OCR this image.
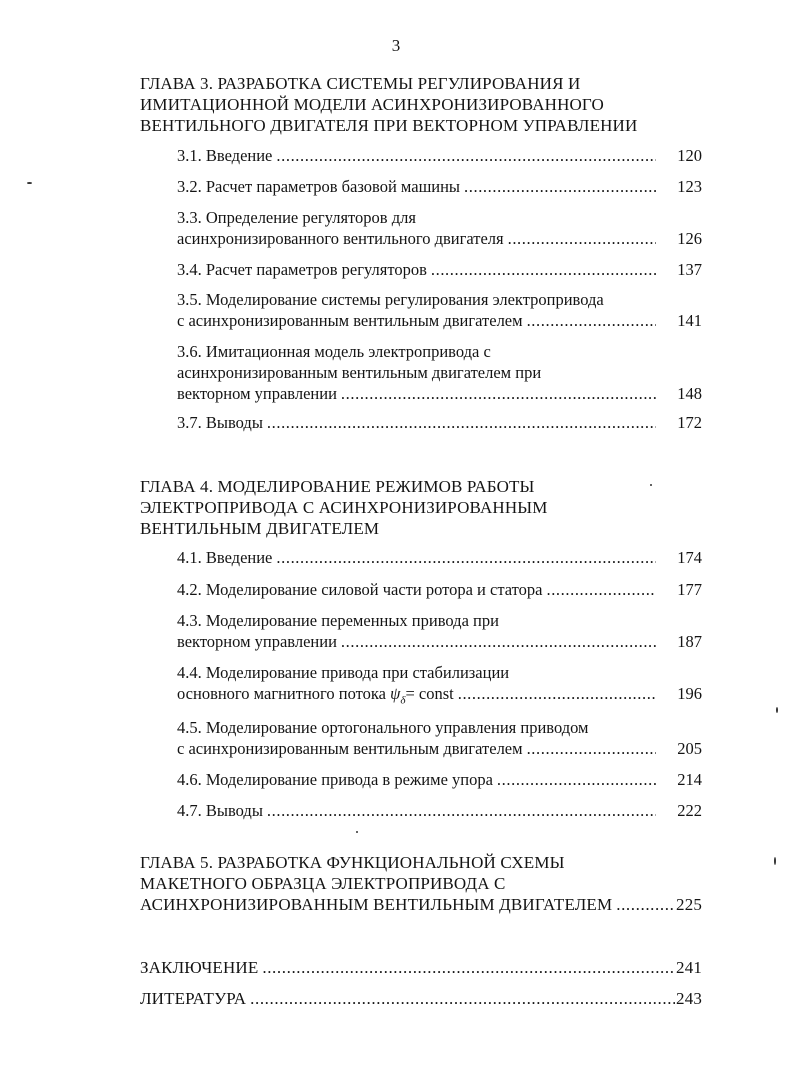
3
ГЛАВА 3. РАЗРАБОТКА СИСТЕМЫ РЕГУЛИРОВАНИЯ И
ИМИТАЦИОННОЙ МОДЕЛИ АСИНХРОНИЗИРОВАННОГО
ВЕНТИЛЬНОГО ДВИГАТЕЛЯ ПРИ ВЕКТОРНОМ УПРАВЛЕНИИ
3.1. Введение .....	120
3.2. Расчет параметров базовой машины .....	123
3.3. Определение регуляторов для
асинхронизированного вентильного двигателя .....	126
3.4. Расчет параметров регуляторов .....	137
3.5. Моделирование системы регулирования электропривода
с асинхронизированным вентильным двигателем .....	141
3.6. Имитационная модель электропривода с
асинхронизированным вентильным двигателем при
векторном управлении .....	148
3.7. Выводы .....	172
ГЛАВА 4. МОДЕЛИРОВАНИЕ РЕЖИМОВ РАБОТЫ
ЭЛЕКТРОПРИВОДА С АСИНХРОНИЗИРОВАННЫМ
ВЕНТИЛЬНЫМ ДВИГАТЕЛЕМ
4.1. Введение .....	174
4.2. Моделирование силовой части ротора и статора .....	177
4.3. Моделирование переменных привода при
векторном управлении .....	187
4.4. Моделирование привода при стабилизации
основного магнитного потока
$\psi_\delta$ = const .....	196
4.5. Моделирование ортогонального управления приводом
с асинхронизированным вентильным двигателем .....	205
4.6. Моделирование привода в режиме упора .....	214
4.7. Выводы .....	222
ГЛАВА 5. РАЗРАБОТКА ФУНКЦИОНАЛЬНОЙ СХЕМЫ
МАКЕТНОГО ОБРАЗЦА ЭЛЕКТРОПРИВОДА С
АСИНХРОНИЗИРОВАННЫМ ВЕНТИЛЬНЫМ ДВИГАТЕЛЕМ .....	225
ЗАКЛЮЧЕНИЕ .....	241
ЛИТЕРАТУРА .....	243
